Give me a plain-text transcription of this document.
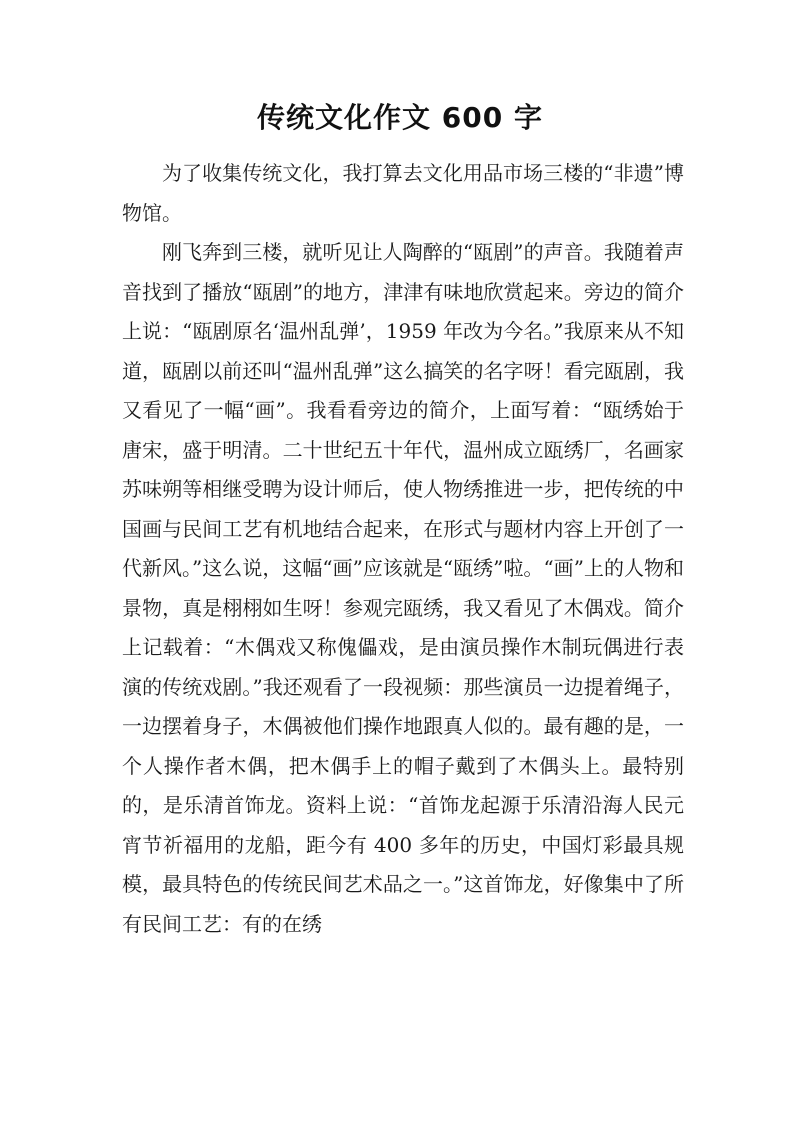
传统文化作文 600 字

为了收集传统文化，我打算去文化用品市场三楼的“非遗”博物馆。

刚飞奔到三楼，就听见让人陶醉的“瓯剧”的声音。我随着声音找到了播放“瓯剧”的地方，津津有味地欣赏起来。旁边的简介上说：“瓯剧原名‘温州乱弹’，1959 年改为今名。”我原来从不知道，瓯剧以前还叫“温州乱弹”这么搞笑的名字呀！看完瓯剧，我又看见了一幅“画”。我看看旁边的简介，上面写着：“瓯绣始于唐宋，盛于明清。二十世纪五十年代，温州成立瓯绣厂，名画家苏味朔等相继受聘为设计师后，使人物绣推进一步，把传统的中国画与民间工艺有机地结合起来，在形式与题材内容上开创了一代新风。”这么说，这幅“画”应该就是“瓯绣”啦。“画”上的人物和景物，真是栩栩如生呀！参观完瓯绣，我又看见了木偶戏。简介上记载着：“木偶戏又称傀儡戏，是由演员操作木制玩偶进行表演的传统戏剧。”我还观看了一段视频：那些演员一边提着绳子，一边摆着身子，木偶被他们操作地跟真人似的。最有趣的是，一个人操作者木偶，把木偶手上的帽子戴到了木偶头上。最特别的，是乐清首饰龙。资料上说：“首饰龙起源于乐清沿海人民元宵节祈福用的龙船，距今有 400 多年的历史，中国灯彩最具规模，最具特色的传统民间艺术品之一。”这首饰龙，好像集中了所有民间工艺：有的在绣
